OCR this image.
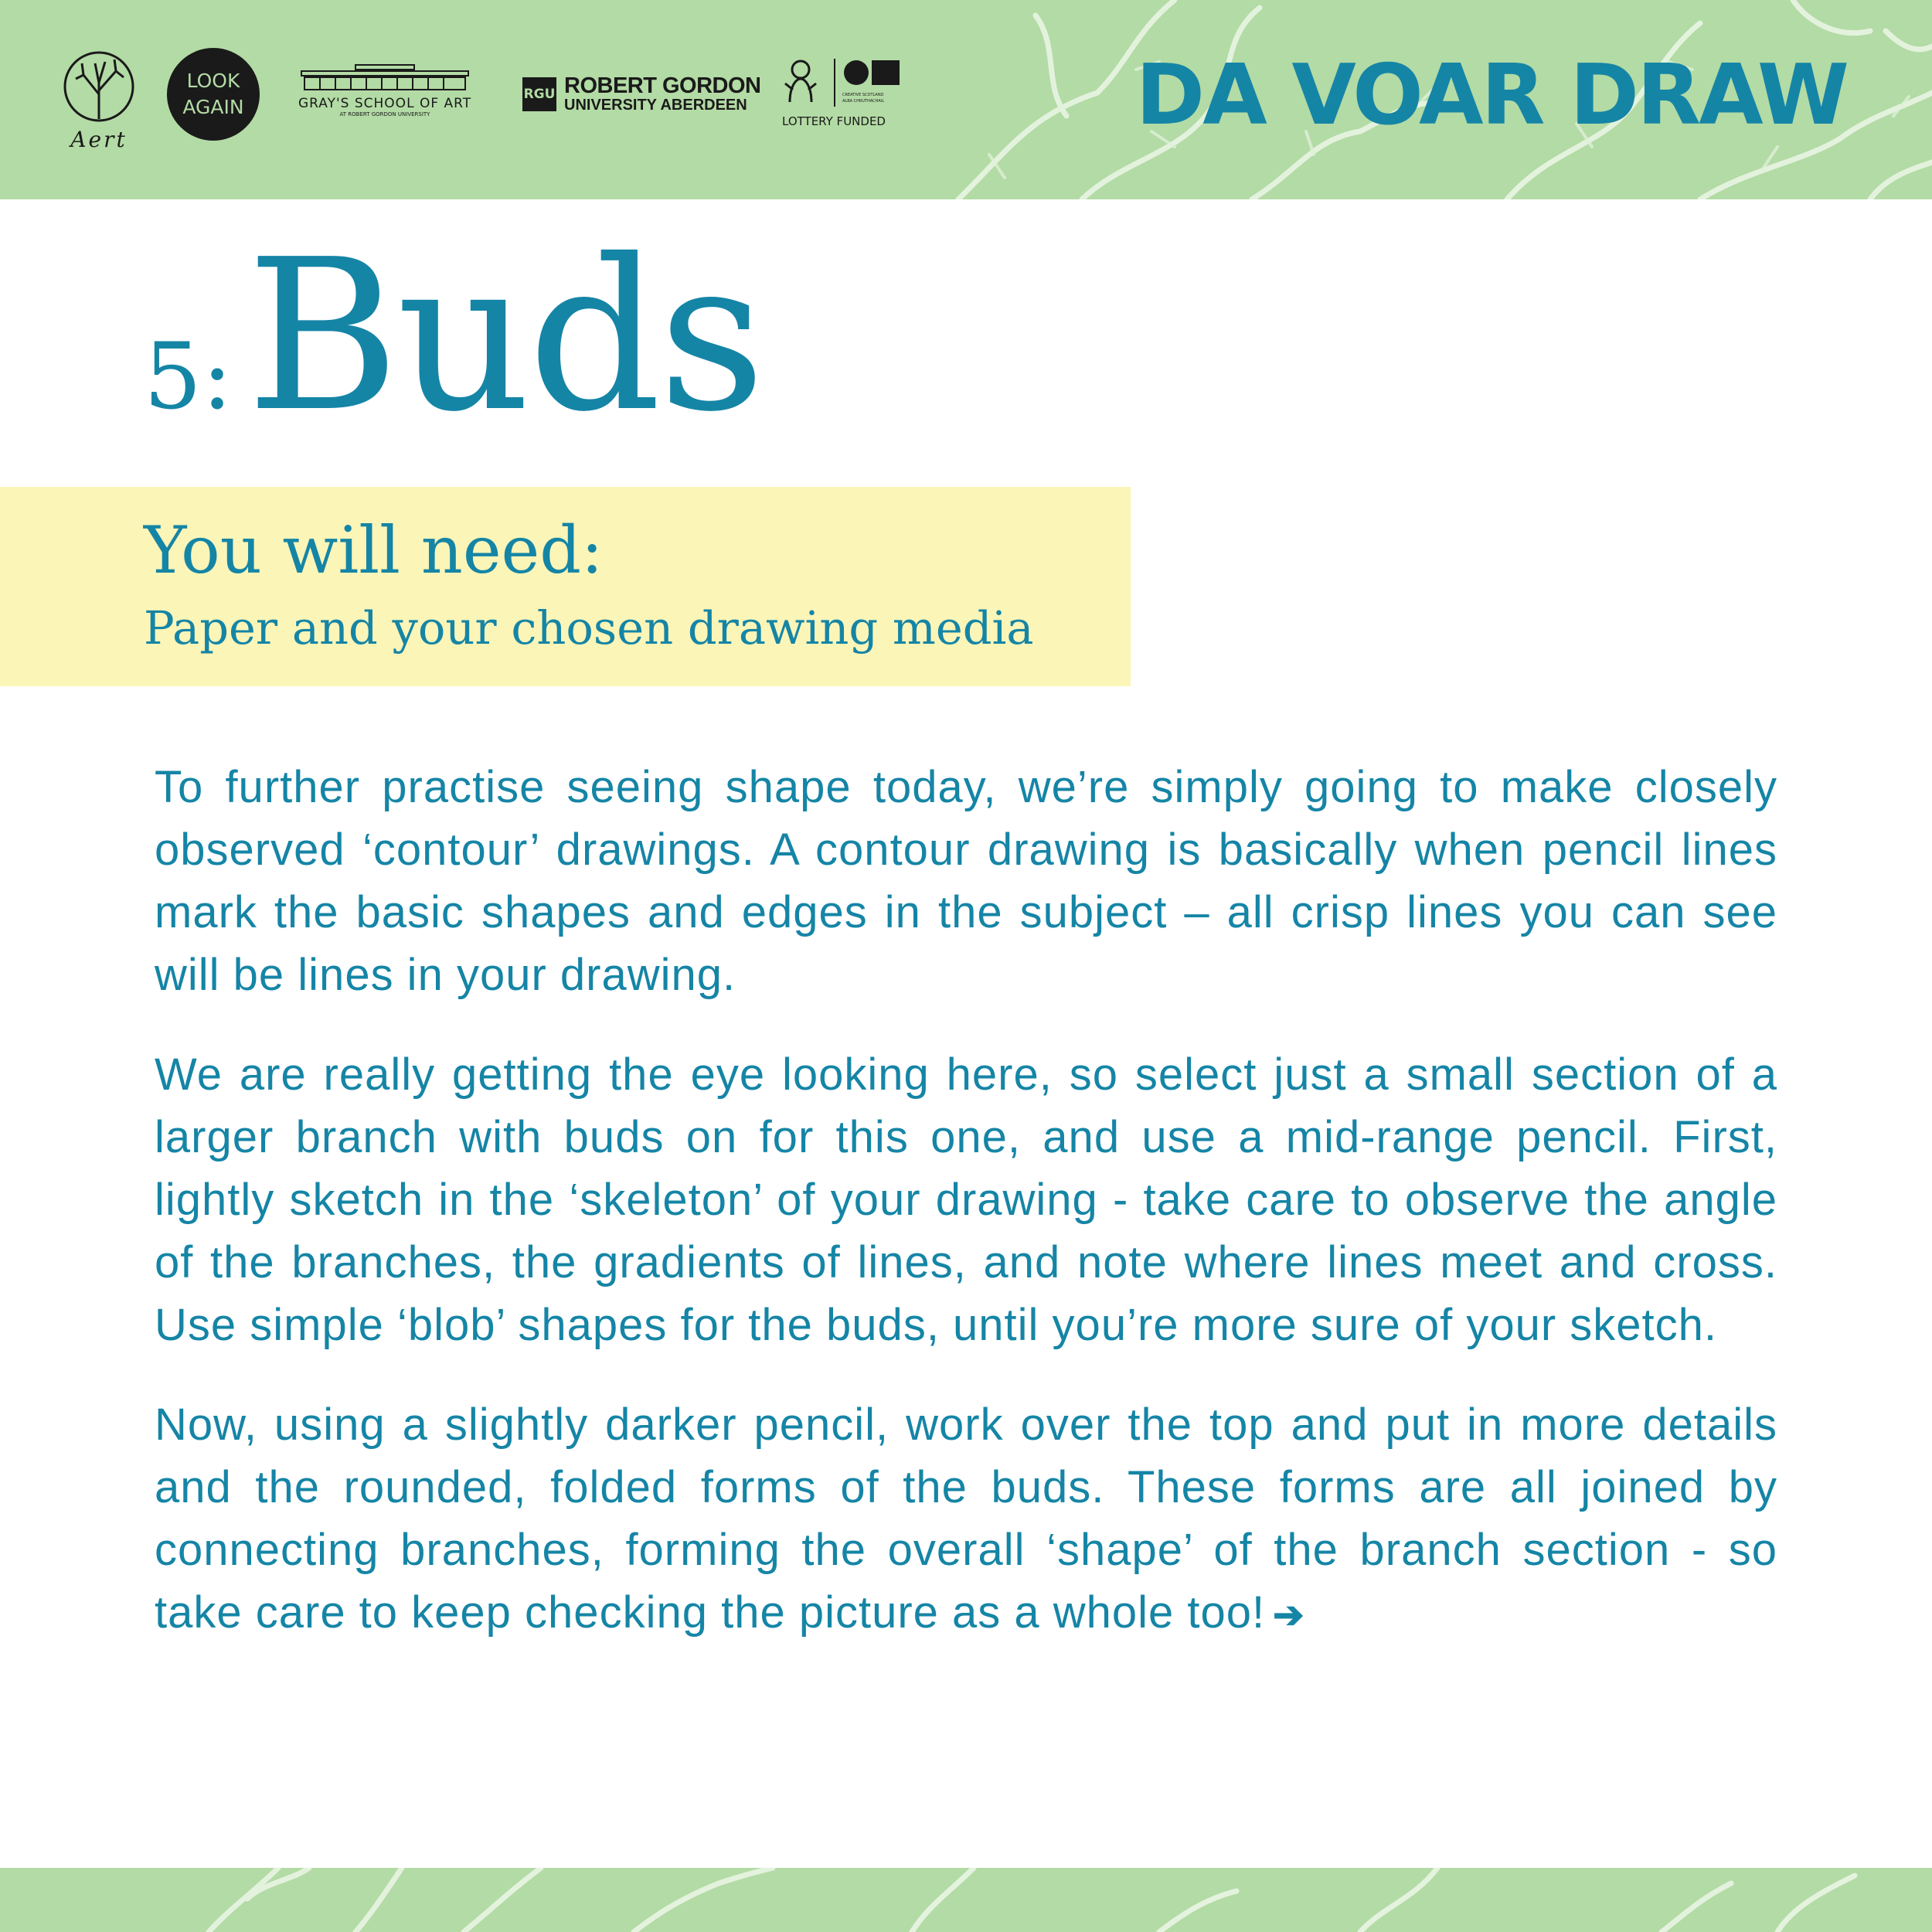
Aert
LOOK AGAIN	GRAY'S SCHOOL OF ART
AT ROBERT GORDON UNIVERSITY
RGU ROBERT GORDON
UNIVERSITY ABERDEEN
CREATIVE SCOTLAND
ALBA CHRUTHACHAIL
LOTTERY FUNDED	DA VOAR DRAW
5:Buds
You will need:
Paper and your chosen drawing media

To further practise seeing shape today, we’re simply going to make closely observed ‘contour’ drawings. A contour drawing is basically when pencil lines mark the basic shapes and edges in the subject – all crisp lines you can see will be lines in your drawing.

We are really getting the eye looking here, so select just a small section of a larger branch with buds on for this one, and use a mid-range pencil. First, lightly sketch in the ‘skeleton’ of your drawing - take care to observe the angle of the branches, the gradients of lines, and note where lines meet and cross. Use simple ‘blob’ shapes for the buds, until you’re more sure of your sketch.

Now, using a slightly darker pencil, work over the top and put in more details and the rounded, folded forms of the buds. These forms are all joined by connecting branches, forming the overall ‘shape’ of the branch section - so take care to keep checking the picture as a whole too! ➔
